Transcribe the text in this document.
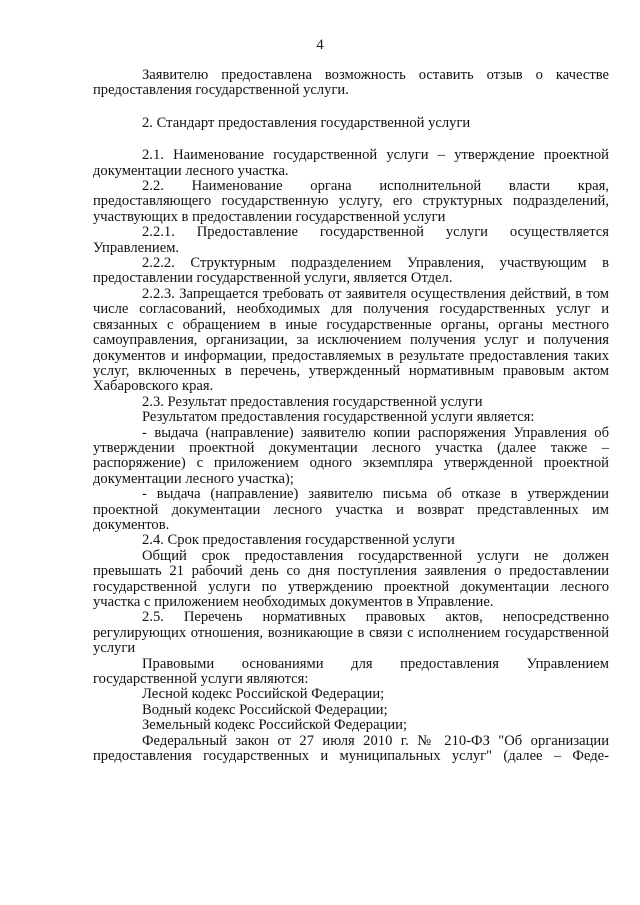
4

Заявителю предоставлена возможность оставить отзыв о качестве предоставления государственной услуги.

2. Стандарт предоставления государственной услуги

2.1. Наименование государственной услуги – утверждение проектной документации лесного участка.

2.2. Наименование органа исполнительной власти края, предоставляющего государственную услугу, его структурных подразделений, участвующих в предоставлении государственной услуги

2.2.1. Предоставление государственной услуги осуществляется Управлением.

2.2.2. Структурным подразделением Управления, участвующим в предоставлении государственной услуги, является Отдел.

2.2.3. Запрещается требовать от заявителя осуществления действий, в том числе согласований, необходимых для получения государственных услуг и связанных с обращением в иные государственные органы, органы местного самоуправления, организации, за исключением получения услуг и получения документов и информации, предоставляемых в результате предоставления таких услуг, включенных в перечень, утвержденный нормативным правовым актом Хабаровского края.

2.3. Результат предоставления государственной услуги

Результатом предоставления государственной услуги является:

- выдача (направление) заявителю копии распоряжения Управления об утверждении проектной документации лесного участка (далее также – распоряжение) с приложением одного экземпляра утвержденной проектной документации лесного участка);

- выдача (направление) заявителю письма об отказе в утверждении проектной документации лесного участка и возврат представленных им документов.

2.4. Срок предоставления государственной услуги

Общий срок предоставления государственной услуги не должен превышать 21 рабочий день со дня поступления заявления о предоставлении государственной услуги по утверждению проектной документации лесного участка с приложением необходимых документов в Управление.

2.5. Перечень нормативных правовых актов, непосредственно регулирующих отношения, возникающие в связи с исполнением государственной услуги

Правовыми основаниями для предоставления Управлением государственной услуги являются:

Лесной кодекс Российской Федерации;

Водный кодекс Российской Федерации;

Земельный кодекс Российской Федерации;

Федеральный закон от 27 июля 2010 г. № 210-ФЗ "Об организации предоставления государственных и муниципальных услуг" (далее – Феде-
